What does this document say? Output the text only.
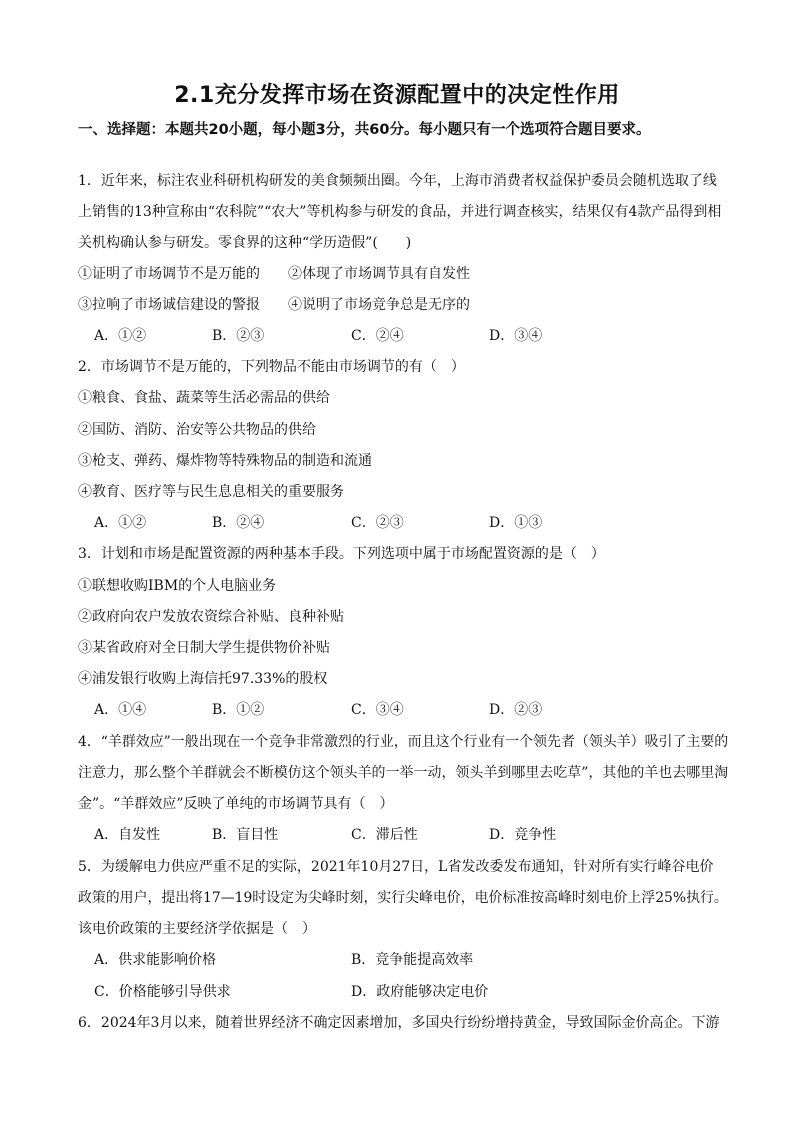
2.1充分发挥市场在资源配置中的决定性作用
一、选择题：本题共20小题，每小题3分，共60分。每小题只有一个选项符合题目要求。
1．近年来，标注农业科研机构研发的美食频频出圈。今年，上海市消费者权益保护委员会随机选取了线
上销售的13种宣称由“农科院”“农大”等机构参与研发的食品，并进行调查核实，结果仅有4款产品得到相
关机构确认参与研发。零食界的这种“学历造假”(　　)
①证明了市场调节不是万能的　　②体现了市场调节具有自发性
③拉响了市场诚信建设的警报　　④说明了市场竞争总是无序的
A．①②	B．②③	C．②④	D．③④
2．市场调节不是万能的，下列物品不能由市场调节的有（　）
①粮食、食盐、蔬菜等生活必需品的供给
②国防、消防、治安等公共物品的供给
③枪支、弹药、爆炸物等特殊物品的制造和流通
④教育、医疗等与民生息息相关的重要服务
A．①②	B．②④	C．②③	D．①③
3．计划和市场是配置资源的两种基本手段。下列选项中属于市场配置资源的是（　）
①联想收购IBM的个人电脑业务
②政府向农户发放农资综合补贴、良种补贴
③某省政府对全日制大学生提供物价补贴
④浦发银行收购上海信托97.33%的股权
A．①④	B．①②	C．③④	D．②③
4．“羊群效应”一般出现在一个竞争非常激烈的行业，而且这个行业有一个领先者（领头羊）吸引了主要的
注意力，那么整个羊群就会不断模仿这个领头羊的一举一动，领头羊到哪里去吃草”，其他的羊也去哪里淘
金”。“羊群效应”反映了单纯的市场调节具有（　）
A．自发性	B．盲目性	C．滞后性	D．竞争性
5．为缓解电力供应严重不足的实际，2021年10月27日，L省发改委发布通知，针对所有实行峰谷电价
政策的用户，提出将17—19时设定为尖峰时刻，实行尖峰电价，电价标准按高峰时刻电价上浮25%执行。
该电价政策的主要经济学依据是（　）
A．供求能影响价格	B．竞争能提高效率
C．价格能够引导供求	D．政府能够决定电价
6．2024年3月以来，随着世界经济不确定因素增加，多国央行纷纷增持黄金，导致国际金价高企。下游
